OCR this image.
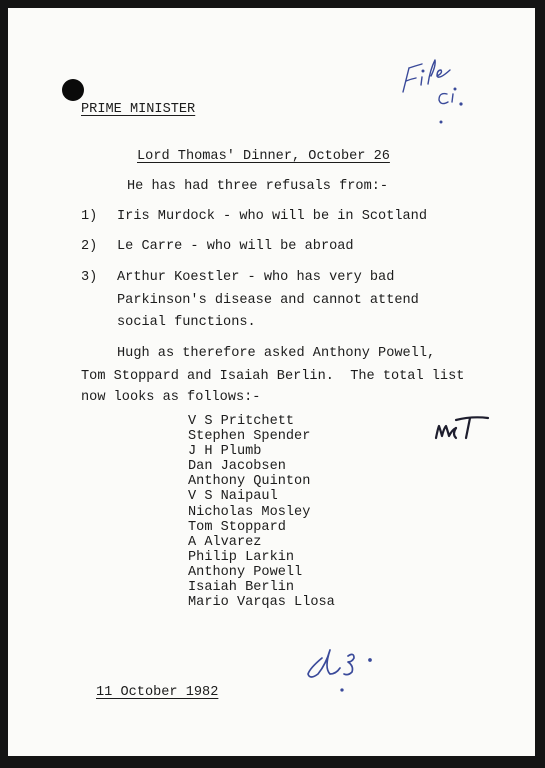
PRIME MINISTER
Lord Thomas' Dinner, October 26
He has had three refusals from:-
1) Iris Murdock - who will be in Scotland
2) Le Carre - who will be abroad
3) Arthur Koestler - who has very bad
Parkinson's disease and cannot attend
social functions.
Hugh as therefore asked Anthony Powell,
Tom Stoppard and Isaiah Berlin.  The total list
now looks as follows:-
V S Pritchett
Stephen Spender
J H Plumb
Dan Jacobsen
Anthony Quinton
V S Naipaul
Nicholas Mosley
Tom Stoppard
A Alvarez
Philip Larkin
Anthony Powell
Isaiah Berlin
Mario Varqas Llosa
11 October 1982
